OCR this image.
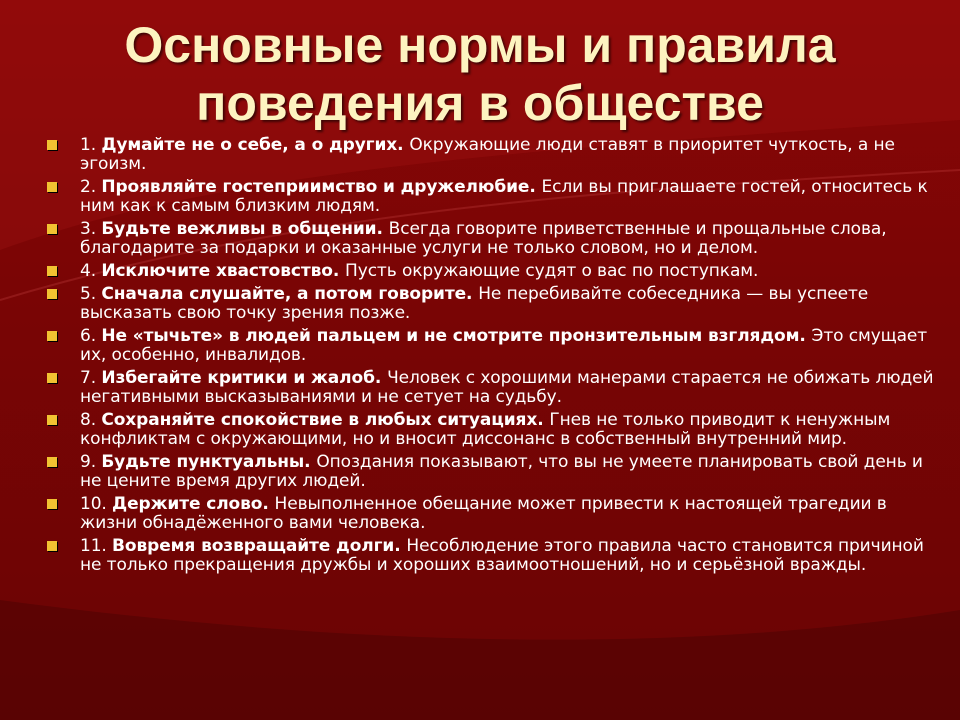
Основные нормы и правила
поведения в обществе
1. Думайте не о себе, а о других. Окружающие люди ставят в приоритет чуткость, а не эгоизм.
2. Проявляйте гостеприимство и дружелюбие. Если вы приглашаете гостей, относитесь к ним как к самым близким людям.
3. Будьте вежливы в общении. Всегда говорите приветственные и прощальные слова, благодарите за подарки и оказанные услуги не только словом, но и делом.
4. Исключите хвастовство. Пусть окружающие судят о вас по поступкам.
5. Сначала слушайте, а потом говорите. Не перебивайте собеседника — вы успеете высказать свою точку зрения позже.
6. Не «тычьте» в людей пальцем и не смотрите пронзительным взглядом. Это смущает их, особенно, инвалидов.
7. Избегайте критики и жалоб. Человек с хорошими манерами старается не обижать людей негативными высказываниями и не сетует на судьбу.
8. Сохраняйте спокойствие в любых ситуациях. Гнев не только приводит к ненужным конфликтам с окружающими, но и вносит диссонанс в собственный внутренний мир.
9. Будьте пунктуальны. Опоздания показывают, что вы не умеете планировать свой день и не цените время других людей.
10. Держите слово. Невыполненное обещание может привести к настоящей трагедии в жизни обнадёженного вами человека.
11. Вовремя возвращайте долги. Несоблюдение этого правила часто становится причиной не только прекращения дружбы и хороших взаимоотношений, но и серьёзной вражды.
